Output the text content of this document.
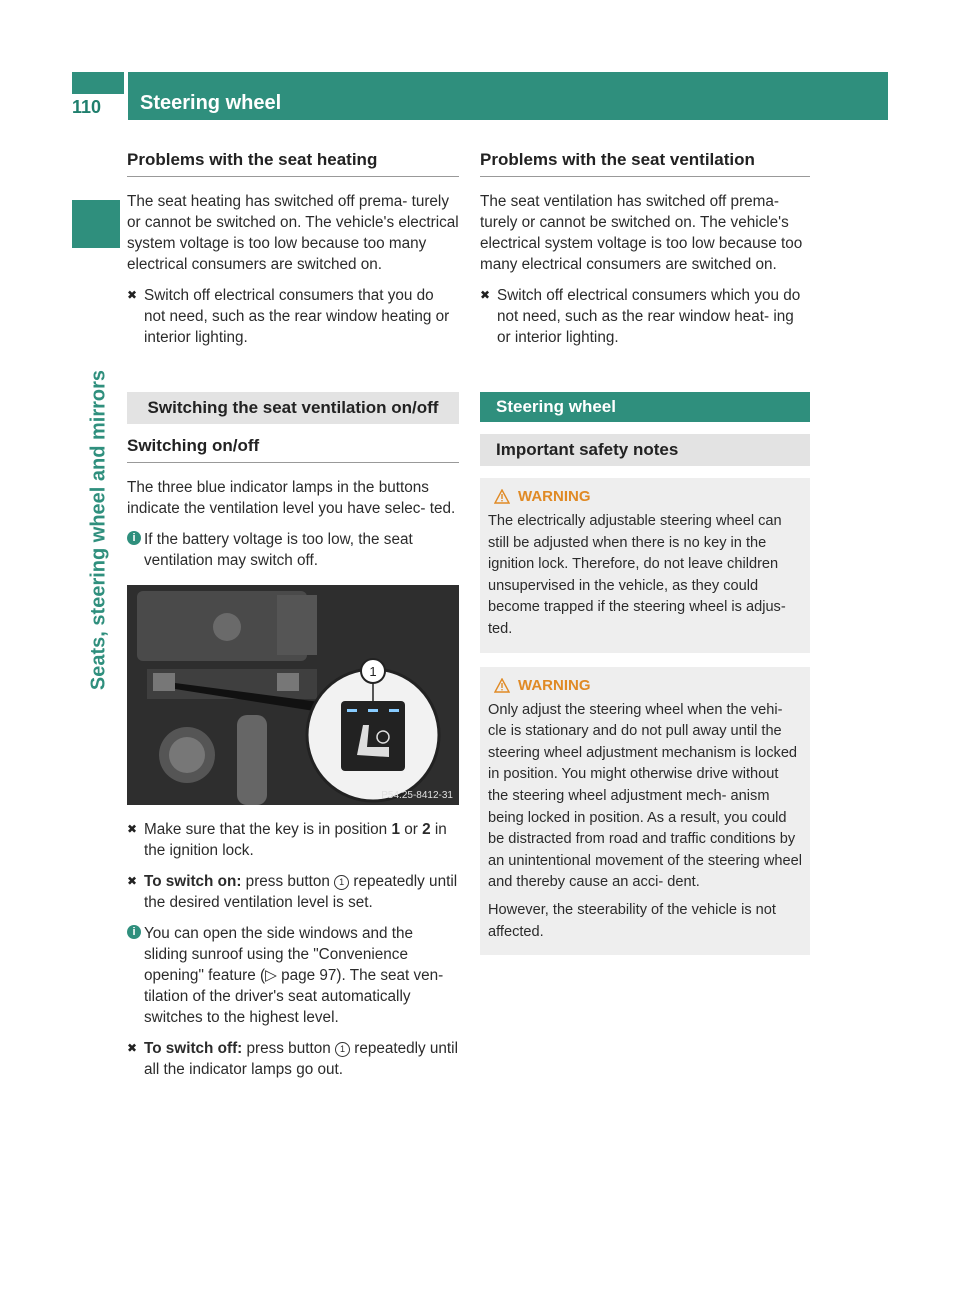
110	Steering wheel
Seats, steering wheel and mirrors
Problems with the seat heating

The seat heating has switched off prema- turely or cannot be switched on. The vehicle's electrical system voltage is too low because too many electrical consumers are switched on.

✖ Switch off electrical consumers that you do not need, such as the rear window heating or interior lighting.
Switching the seat ventilation on/off
Switching on/off

The three blue indicator lamps in the buttons indicate the ventilation level you have selec- ted.

i If the battery voltage is too low, the seat ventilation may switch off.
1
P54.25-8412-31
✖ Make sure that the key is in position 1 or 2 in the ignition lock.
✖ To switch on: press button 1 repeatedly until the desired ventilation level is set.
i You can open the side windows and the sliding sunroof using the "Convenience opening" feature (▷ page 97). The seat ven- tilation of the driver's seat automatically switches to the highest level.
✖ To switch off: press button 1 repeatedly until all the indicator lamps go out.
Problems with the seat ventilation

The seat ventilation has switched off prema- turely or cannot be switched on. The vehicle's electrical system voltage is too low because too many electrical consumers are switched on.

✖ Switch off electrical consumers which you do not need, such as the rear window heat- ing or interior lighting.
Steering wheel
Important safety notes
WARNING

The electrically adjustable steering wheel can still be adjusted when there is no key in the ignition lock. Therefore, do not leave children unsupervised in the vehicle, as they could become trapped if the steering wheel is adjus- ted.

WARNING

Only adjust the steering wheel when the vehi- cle is stationary and do not pull away until the steering wheel adjustment mechanism is locked in position. You might otherwise drive without the steering wheel adjustment mech- anism being locked in position. As a result, you could be distracted from road and traffic conditions by an unintentional movement of the steering wheel and thereby cause an acci- dent.

However, the steerability of the vehicle is not affected.
